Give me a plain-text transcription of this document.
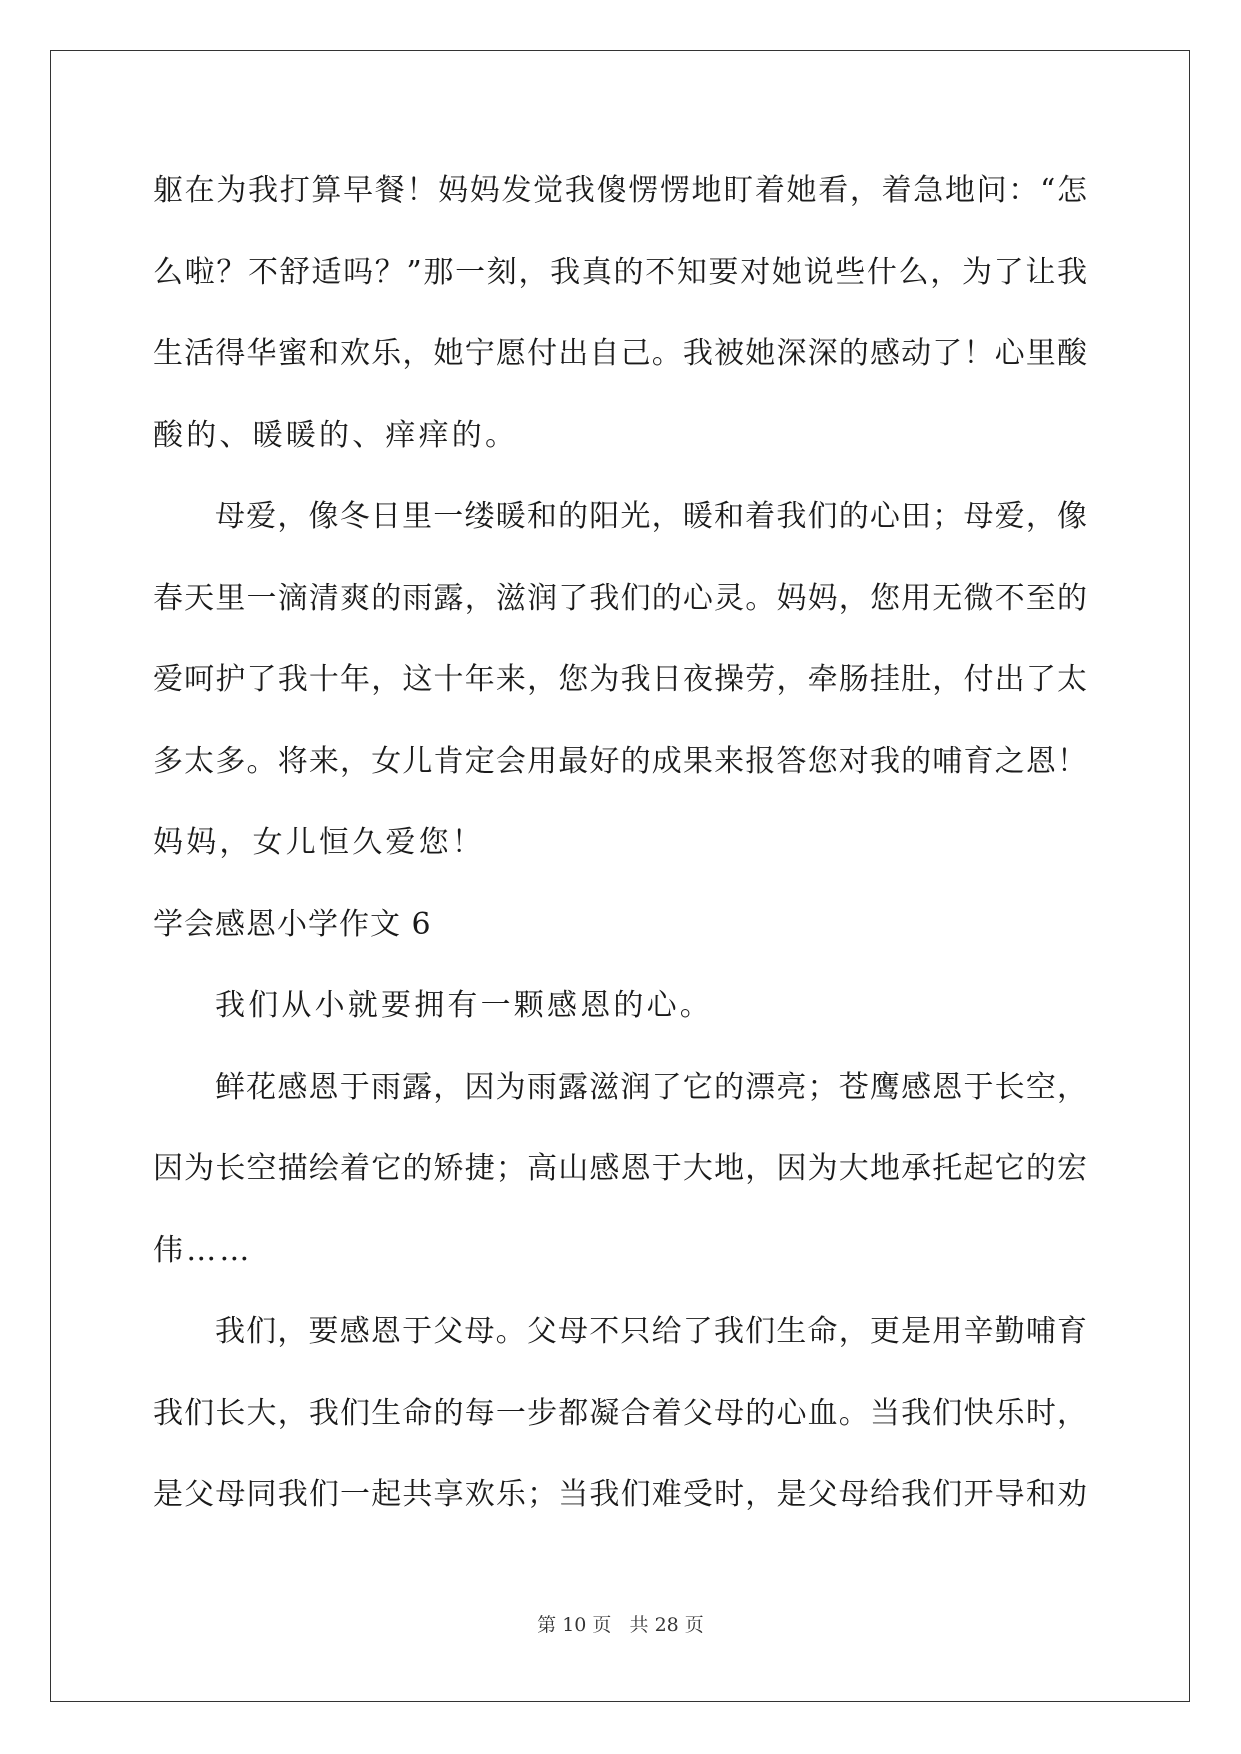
躯在为我打算早餐！妈妈发觉我傻愣愣地盯着她看，着急地问：“怎
么啦？不舒适吗？”那一刻，我真的不知要对她说些什么，为了让我
生活得华蜜和欢乐，她宁愿付出自己。我被她深深的感动了！心里酸
酸的、暖暖的、痒痒的。
母爱，像冬日里一缕暖和的阳光，暖和着我们的心田；母爱，像
春天里一滴清爽的雨露，滋润了我们的心灵。妈妈，您用无微不至的
爱呵护了我十年，这十年来，您为我日夜操劳，牵肠挂肚，付出了太
多太多。将来，女儿肯定会用最好的成果来报答您对我的哺育之恩！
妈妈，女儿恒久爱您！
学会感恩小学作文 6
我们从小就要拥有一颗感恩的心。
鲜花感恩于雨露，因为雨露滋润了它的漂亮；苍鹰感恩于长空，
因为长空描绘着它的矫捷；高山感恩于大地，因为大地承托起它的宏
伟……
我们，要感恩于父母。父母不只给了我们生命，更是用辛勤哺育
我们长大，我们生命的每一步都凝合着父母的心血。当我们快乐时，
是父母同我们一起共享欢乐；当我们难受时，是父母给我们开导和劝
第 10 页   共 28 页
